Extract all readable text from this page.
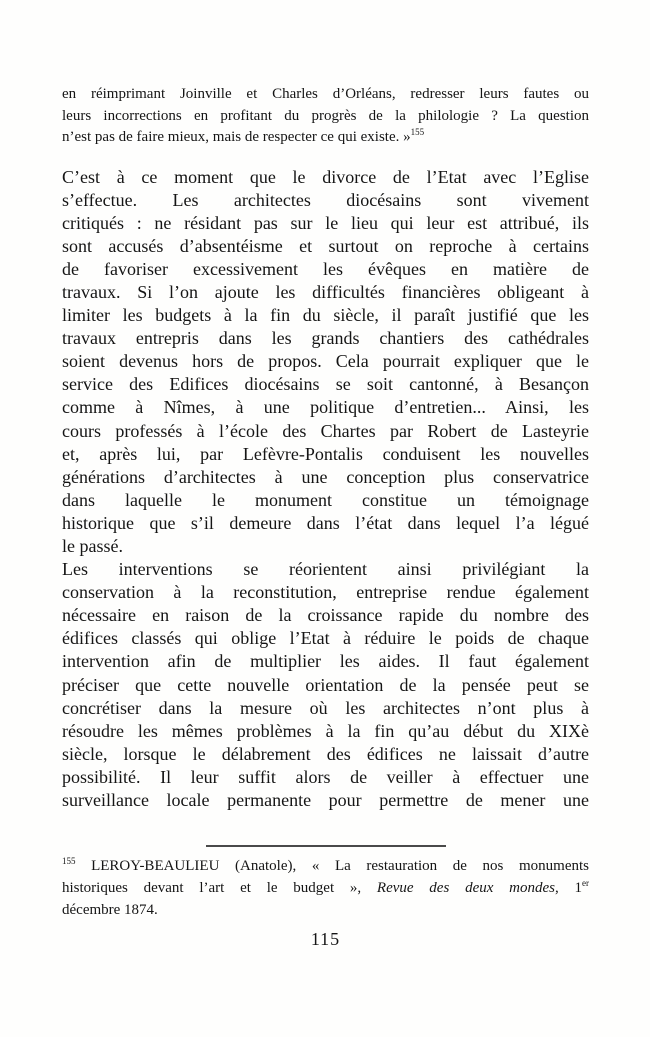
en réimprimant Joinville et Charles d’Orléans, redresser leurs fautes ou
leurs incorrections en profitant du progrès de la philologie ? La question
n’est pas de faire mieux, mais de respecter ce qui existe. »$^{155}$
C’est à ce moment que le divorce de l’Etat avec l’Eglise
s’effectue. Les architectes diocésains sont vivement
critiqués : ne résidant pas sur le lieu qui leur est attribué, ils
sont accusés d’absentéisme et surtout on reproche à certains
de favoriser excessivement les évêques en matière de
travaux. Si l’on ajoute les difficultés financières obligeant à
limiter les budgets à la fin du siècle, il paraît justifié que les
travaux entrepris dans les grands chantiers des cathédrales
soient devenus hors de propos. Cela pourrait expliquer que le
service des Edifices diocésains se soit cantonné, à Besançon
comme à Nîmes, à une politique d’entretien... Ainsi, les
cours professés à l’école des Chartes par Robert de Lasteyrie
et, après lui, par Lefèvre-Pontalis conduisent les nouvelles
générations d’architectes à une conception plus conservatrice
dans laquelle le monument constitue un témoignage
historique que s’il demeure dans l’état dans lequel l’a légué
le passé.
Les interventions se réorientent ainsi privilégiant la
conservation à la reconstitution, entreprise rendue également
nécessaire en raison de la croissance rapide du nombre des
édifices classés qui oblige l’Etat à réduire le poids de chaque
intervention afin de multiplier les aides. Il faut également
préciser que cette nouvelle orientation de la pensée peut se
concrétiser dans la mesure où les architectes n’ont plus à
résoudre les mêmes problèmes à la fin qu’au début du XIXè
siècle, lorsque le délabrement des édifices ne laissait d’autre
possibilité. Il leur suffit alors de veiller à effectuer une
surveillance locale permanente pour permettre de mener une
$^{155}$ LEROY-BEAULIEU (Anatole), « La restauration de nos monuments
historiques devant l’art et le budget », Revue des deux mondes, 1er
décembre 1874.
115
